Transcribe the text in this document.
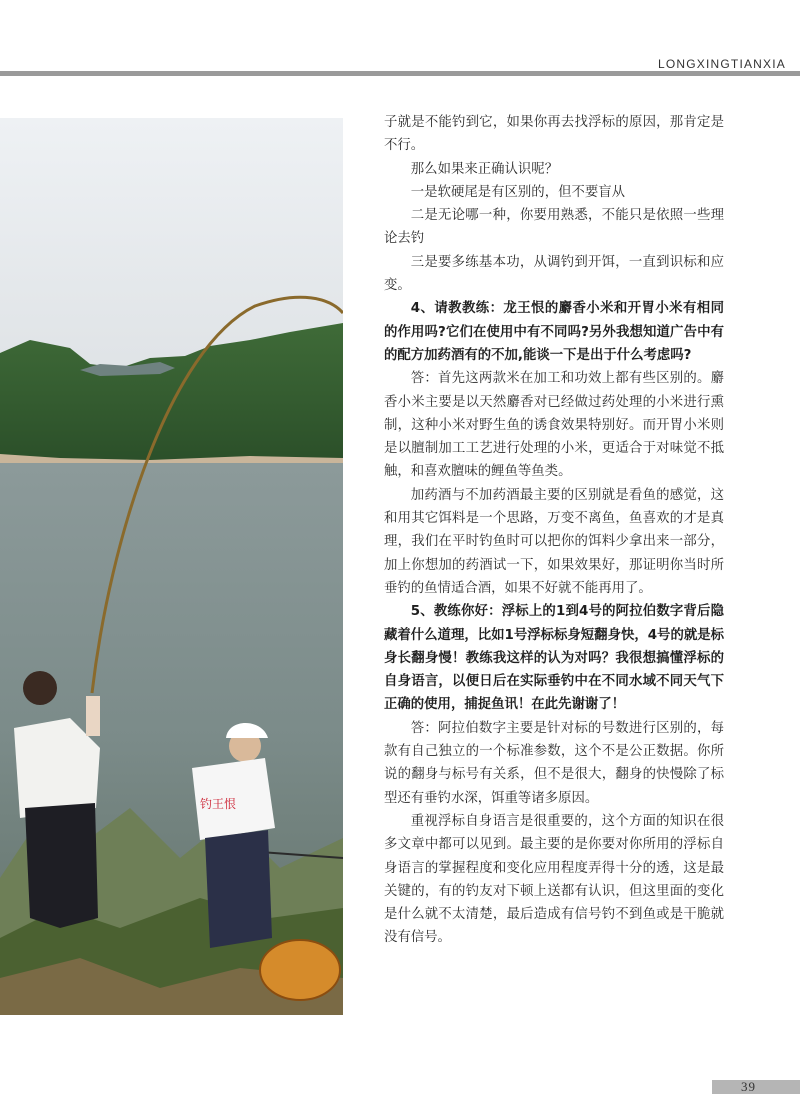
LONGXINGTIANXIA
钓王恨

子就是不能钓到它，如果你再去找浮标的原因，那肯定是不行。

那么如果来正确认识呢？

一是软硬尾是有区别的，但不要盲从

二是无论哪一种，你要用熟悉，不能只是依照一些理论去钓

三是要多练基本功，从调钓到开饵，一直到识标和应变。

4、请教教练：龙王恨的麝香小米和开胃小米有相同的作用吗?它们在使用中有不同吗?另外我想知道广告中有的配方加药酒有的不加,能谈一下是出于什么考虑吗?

答：首先这两款米在加工和功效上都有些区别的。麝香小米主要是以天然麝香对已经做过药处理的小米进行熏制，这种小米对野生鱼的诱食效果特别好。而开胃小米则是以膻制加工工艺进行处理的小米，更适合于对味觉不抵触，和喜欢膻味的鲤鱼等鱼类。

加药酒与不加药酒最主要的区别就是看鱼的感觉，这和用其它饵料是一个思路，万变不离鱼，鱼喜欢的才是真理，我们在平时钓鱼时可以把你的饵料少拿出来一部分，加上你想加的药酒试一下，如果效果好，那证明你当时所垂钓的鱼情适合酒，如果不好就不能再用了。

5、教练你好：浮标上的1到4号的阿拉伯数字背后隐藏着什么道理，比如1号浮标标身短翻身快，4号的就是标身长翻身慢！教练我这样的认为对吗？我很想搞懂浮标的自身语言，以便日后在实际垂钓中在不同水域不同天气下正确的使用，捕捉鱼讯！在此先谢谢了！

答：阿拉伯数字主要是针对标的号数进行区别的，每款有自己独立的一个标准参数，这个不是公正数据。你所说的翻身与标号有关系，但不是很大，翻身的快慢除了标型还有垂钓水深，饵重等诸多原因。

重视浮标自身语言是很重要的，这个方面的知识在很多文章中都可以见到。最主要的是你要对你所用的浮标自身语言的掌握程度和变化应用程度弄得十分的透，这是最关键的，有的钓友对下顿上送都有认识，但这里面的变化是什么就不太清楚，最后造成有信号钓不到鱼或是干脆就没有信号。

39
